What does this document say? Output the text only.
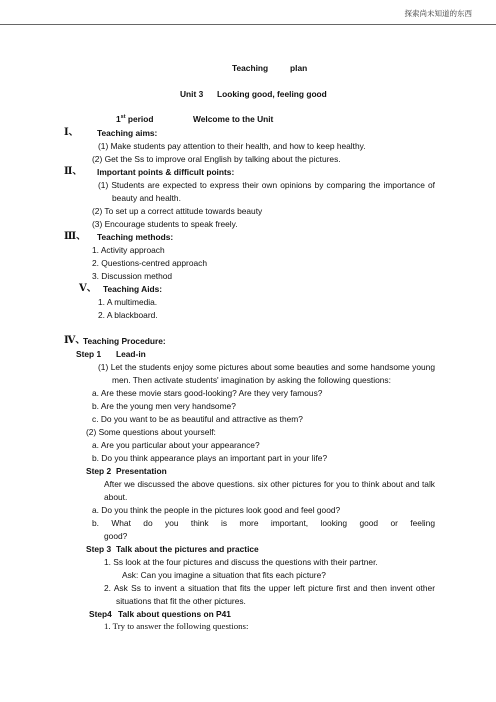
探索尚未知道的东西
Teaching	plan
Unit 3 Looking good, feeling good
1st period	Welcome to the Unit
Ⅰ、 Teaching aims:
(1) Make students pay attention to their health, and how to keep healthy.
(2) Get the Ss to improve oral English by talking about the pictures.
Ⅱ、 Important points & difficult points:
(1) Students are expected to express their own opinions by comparing the importance of
beauty and health.
(2) To set up a correct attitude towards beauty
(3) Encourage students to speak freely.
Ⅲ、 Teaching methods:
1. Activity approach
2. Questions-centred approach
3. Discussion method
Ⅴ、 Teaching Aids:
1. A multimedia.
2. A blackboard.
Ⅳ、
Teaching Procedure:
Step 1 Lead-in
(1) Let the students enjoy some pictures about some beauties and some handsome young
men. Then activate students' imagination by asking the following questions:
a. Are these movie stars good-looking? Are they very famous?
b. Are the young men very handsome?
c. Do you want to be as beautiful and attractive as them?
(2) Some questions about yourself:
a. Are you particular about your appearance?
b. Do you think appearance plays an important part in your life?
Step 2 Presentation
After we discussed the above questions. six other pictures for you to think about and talk
about.
a. Do you think the people in the pictures look good and feel good?
b. What do you think is more important, looking good or feeling
good?
Step 3 Talk about the pictures and practice
1. Ss look at the four pictures and discuss the questions with their partner.
Ask: Can you imagine a situation that fits each picture?
2. Ask Ss to invent a situation that fits the upper left picture first and then invent other
situations that fit the other pictures.
Step4 Talk about questions on P41
1. Try to answer the following questions:
